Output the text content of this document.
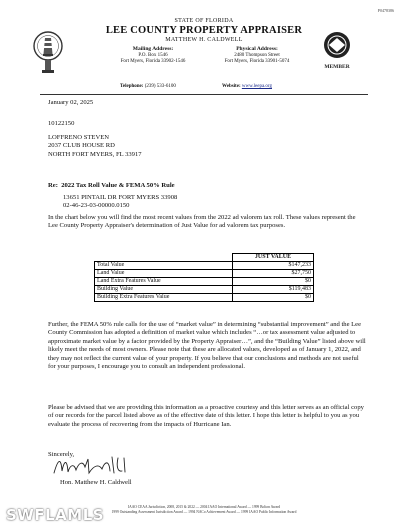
P0478386
STATE OF FLORIDA
LEE COUNTY PROPERTY APPRAISER
MATTHEW H. CALDWELL
Mailing Address:
P.O. Box 1546
Fort Myers, Florida 33902-1546
Physical Address:
2480 Thompson Street
Fort Myers, Florida 33901-5074
MEMBER
Telephone: (239) 533-6100	Website: www.leepa.org
January 02, 2025
10122150
LOFFRENO STEVEN
2037 CLUB HOUSE RD
NORTH FORT MYERS, FL 33917
Re: 2022 Tax Roll Value & FEMA 50% Rule
13651 PINTAIL DR FORT MYERS 33908
02-46-23-03-00000.0150
In the chart below you will find the most recent values from the 2022 ad valorem tax roll. These values represent the Lee County Property Appraiser's determination of Just Value for ad valorem tax purposes.
	JUST VALUE
Total Value	$147,233
Land Value	$27,750
Land Extra Features Value	$0
Building Value	$119,483
Building Extra Features Value	$0
Further, the FEMA 50% rule calls for the use of “market value” in determining “substantial improvement” and the Lee County Commission has adopted a definition of market value which includes “…or tax assessment value adjusted to approximate market value by a factor provided by the Property Appraiser…”, and the “Building Value” listed above will likely meet the needs of most owners. Please note that these are allocated values, developed as of January 1, 2022, and they may not reflect the current value of your property. If you believe that our conclusions and methods are not useful for your purposes, I encourage you to consult an independent professional.
Please be advised that we are providing this information as a proactive courtesy and this letter serves as an official copy of our records for the parcel listed above as of the effective date of this letter. I hope this letter is helpful to you as you evaluate the process of recovering from the impacts of Hurricane Ian.
Sincerely,
Hon. Matthew H. Caldwell
IAAO CEAA Jurisdiction, 2008, 2015 & 2022 — 2004 IAAO International Award — 1999 Bolton Award
1999 Outstanding Assessment Jurisdiction Award — 1994 NACo Achievement Award — 1999 IAAO Public Information Award
SWFLAMLS
